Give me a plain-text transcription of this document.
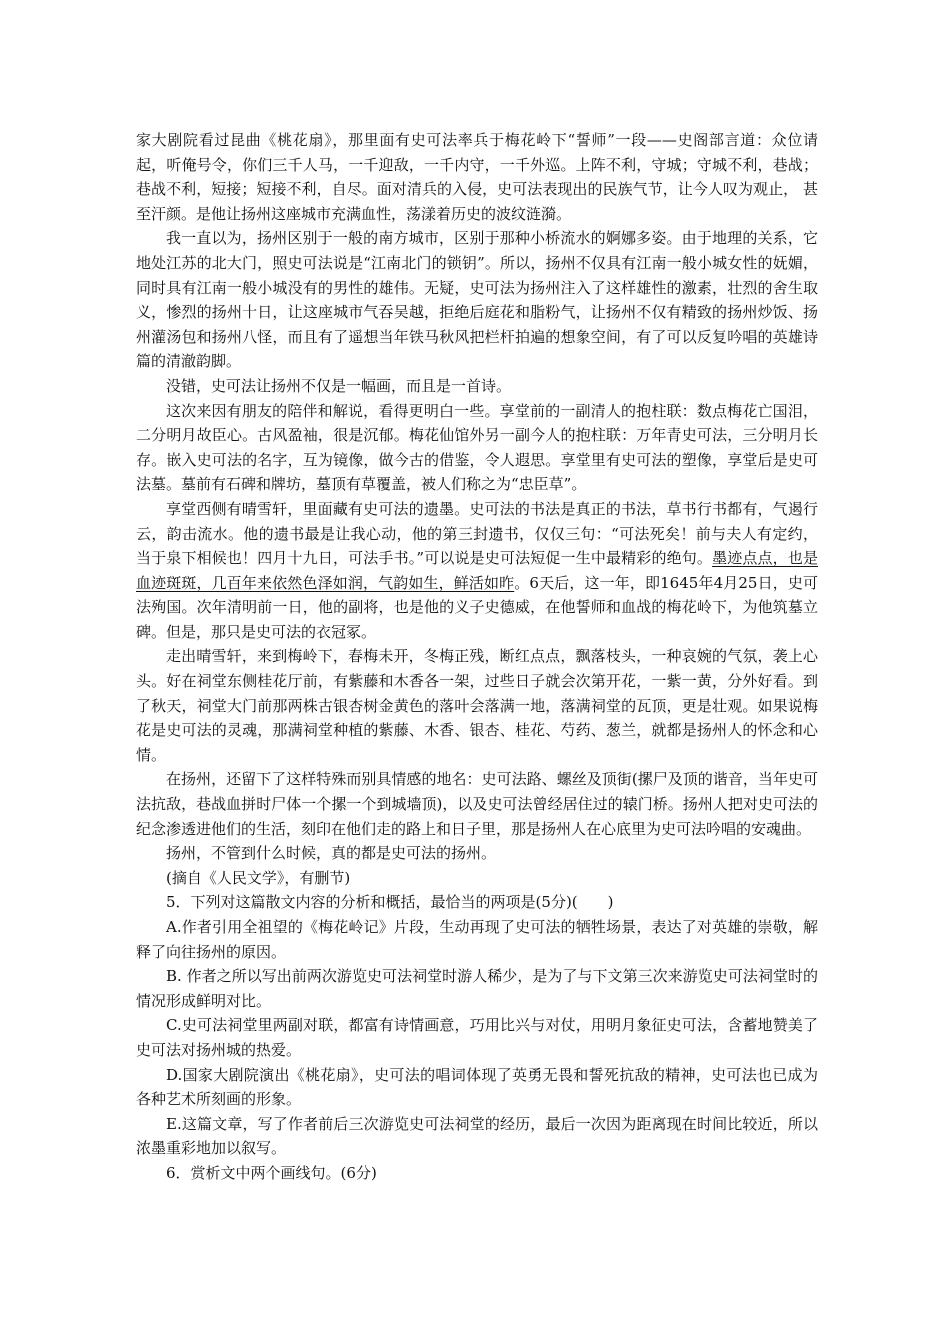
家大剧院看过昆曲《桃花扇》，那里面有史可法率兵于梅花岭下“誓师”一段——史阁部言道：众位请起，听俺号令，你们三千人马，一千迎敌，一千内守，一千外巡。上阵不利，守城；守城不利，巷战；巷战不利，短接；短接不利，自尽。面对清兵的入侵，史可法表现出的民族气节，让今人叹为观止， 甚至汗颜。是他让扬州这座城市充满血性，荡漾着历史的波纹涟漪。

我一直以为，扬州区别于一般的南方城市，区别于那种小桥流水的婀娜多姿。由于地理的关系，它地处江苏的北大门，照史可法说是“江南北门的锁钥”。所以，扬州不仅具有江南一般小城女性的妩媚，同时具有江南一般小城没有的男性的雄伟。无疑，史可法为扬州注入了这样雄性的激素，壮烈的舍生取义，惨烈的扬州十日，让这座城市气吞吴越，拒绝后庭花和脂粉气，让扬州不仅有精致的扬州炒饭、扬州灌汤包和扬州八怪，而且有了遥想当年铁马秋风把栏杆拍遍的想象空间，有了可以反复吟唱的英雄诗篇的清澈韵脚。

没错，史可法让扬州不仅是一幅画，而且是一首诗。

这次来因有朋友的陪伴和解说，看得更明白一些。享堂前的一副清人的抱柱联：数点梅花亡国泪，二分明月故臣心。古风盈袖，很是沉郁。梅花仙馆外另一副今人的抱柱联：万年青史可法，三分明月长存。嵌入史可法的名字，互为镜像，做今古的借鉴，令人遐思。享堂里有史可法的塑像，享堂后是史可法墓。墓前有石碑和牌坊，墓顶有草覆盖，被人们称之为“忠臣草”。

享堂西侧有晴雪轩，里面藏有史可法的遗墨。史可法的书法是真正的书法，草书行书都有，气遏行云，韵击流水。他的遗书最是让我心动，他的第三封遗书，仅仅三句：“可法死矣！前与夫人有定约，当于泉下相候也！四月十九日，可法手书。”可以说是史可法短促一生中最精彩的绝句。墨迹点点，也是血迹斑斑，几百年来依然色泽如润，气韵如生，鲜活如昨。6天后，这一年，即1645年4月25日，史可法殉国。次年清明前一日，他的副将，也是他的义子史德威，在他誓师和血战的梅花岭下，为他筑墓立碑。但是，那只是史可法的衣冠冢。

走出晴雪轩，来到梅岭下，春梅未开，冬梅正残，断红点点，飘落枝头，一种哀婉的气氛，袭上心头。好在祠堂东侧桂花厅前，有紫藤和木香各一架，过些日子就会次第开花，一紫一黄，分外好看。到了秋天，祠堂大门前那两株古银杏树金黄色的落叶会落满一地，落满祠堂的瓦顶，更是壮观。如果说梅花是史可法的灵魂，那满祠堂种植的紫藤、木香、银杏、桂花、芍药、葱兰，就都是扬州人的怀念和心情。

在扬州，还留下了这样特殊而别具情感的地名：史可法路、螺丝及顶街(摞尸及顶的谐音，当年史可法抗敌，巷战血拼时尸体一个摞一个到城墙顶)，以及史可法曾经居住过的辕门桥。扬州人把对史可法的纪念渗透进他们的生活，刻印在他们走的路上和日子里，那是扬州人在心底里为史可法吟唱的安魂曲。

扬州，不管到什么时候，真的都是史可法的扬州。

(摘自《人民文学》，有删节)

5．下列对这篇散文内容的分析和概括，最恰当的两项是(5分)(　　)

A.作者引用全祖望的《梅花岭记》片段，生动再现了史可法的牺牲场景，表达了对英雄的崇敬，解释了向往扬州的原因。

B. 作者之所以写出前两次游览史可法祠堂时游人稀少，是为了与下文第三次来游览史可法祠堂时的情况形成鲜明对比。

C.史可法祠堂里两副对联，都富有诗情画意，巧用比兴与对仗，用明月象征史可法，含蓄地赞美了史可法对扬州城的热爱。

D.国家大剧院演出《桃花扇》，史可法的唱词体现了英勇无畏和誓死抗敌的精神，史可法也已成为各种艺术所刻画的形象。

E.这篇文章，写了作者前后三次游览史可法祠堂的经历，最后一次因为距离现在时间比较近，所以浓墨重彩地加以叙写。

6．赏析文中两个画线句。(6分)
